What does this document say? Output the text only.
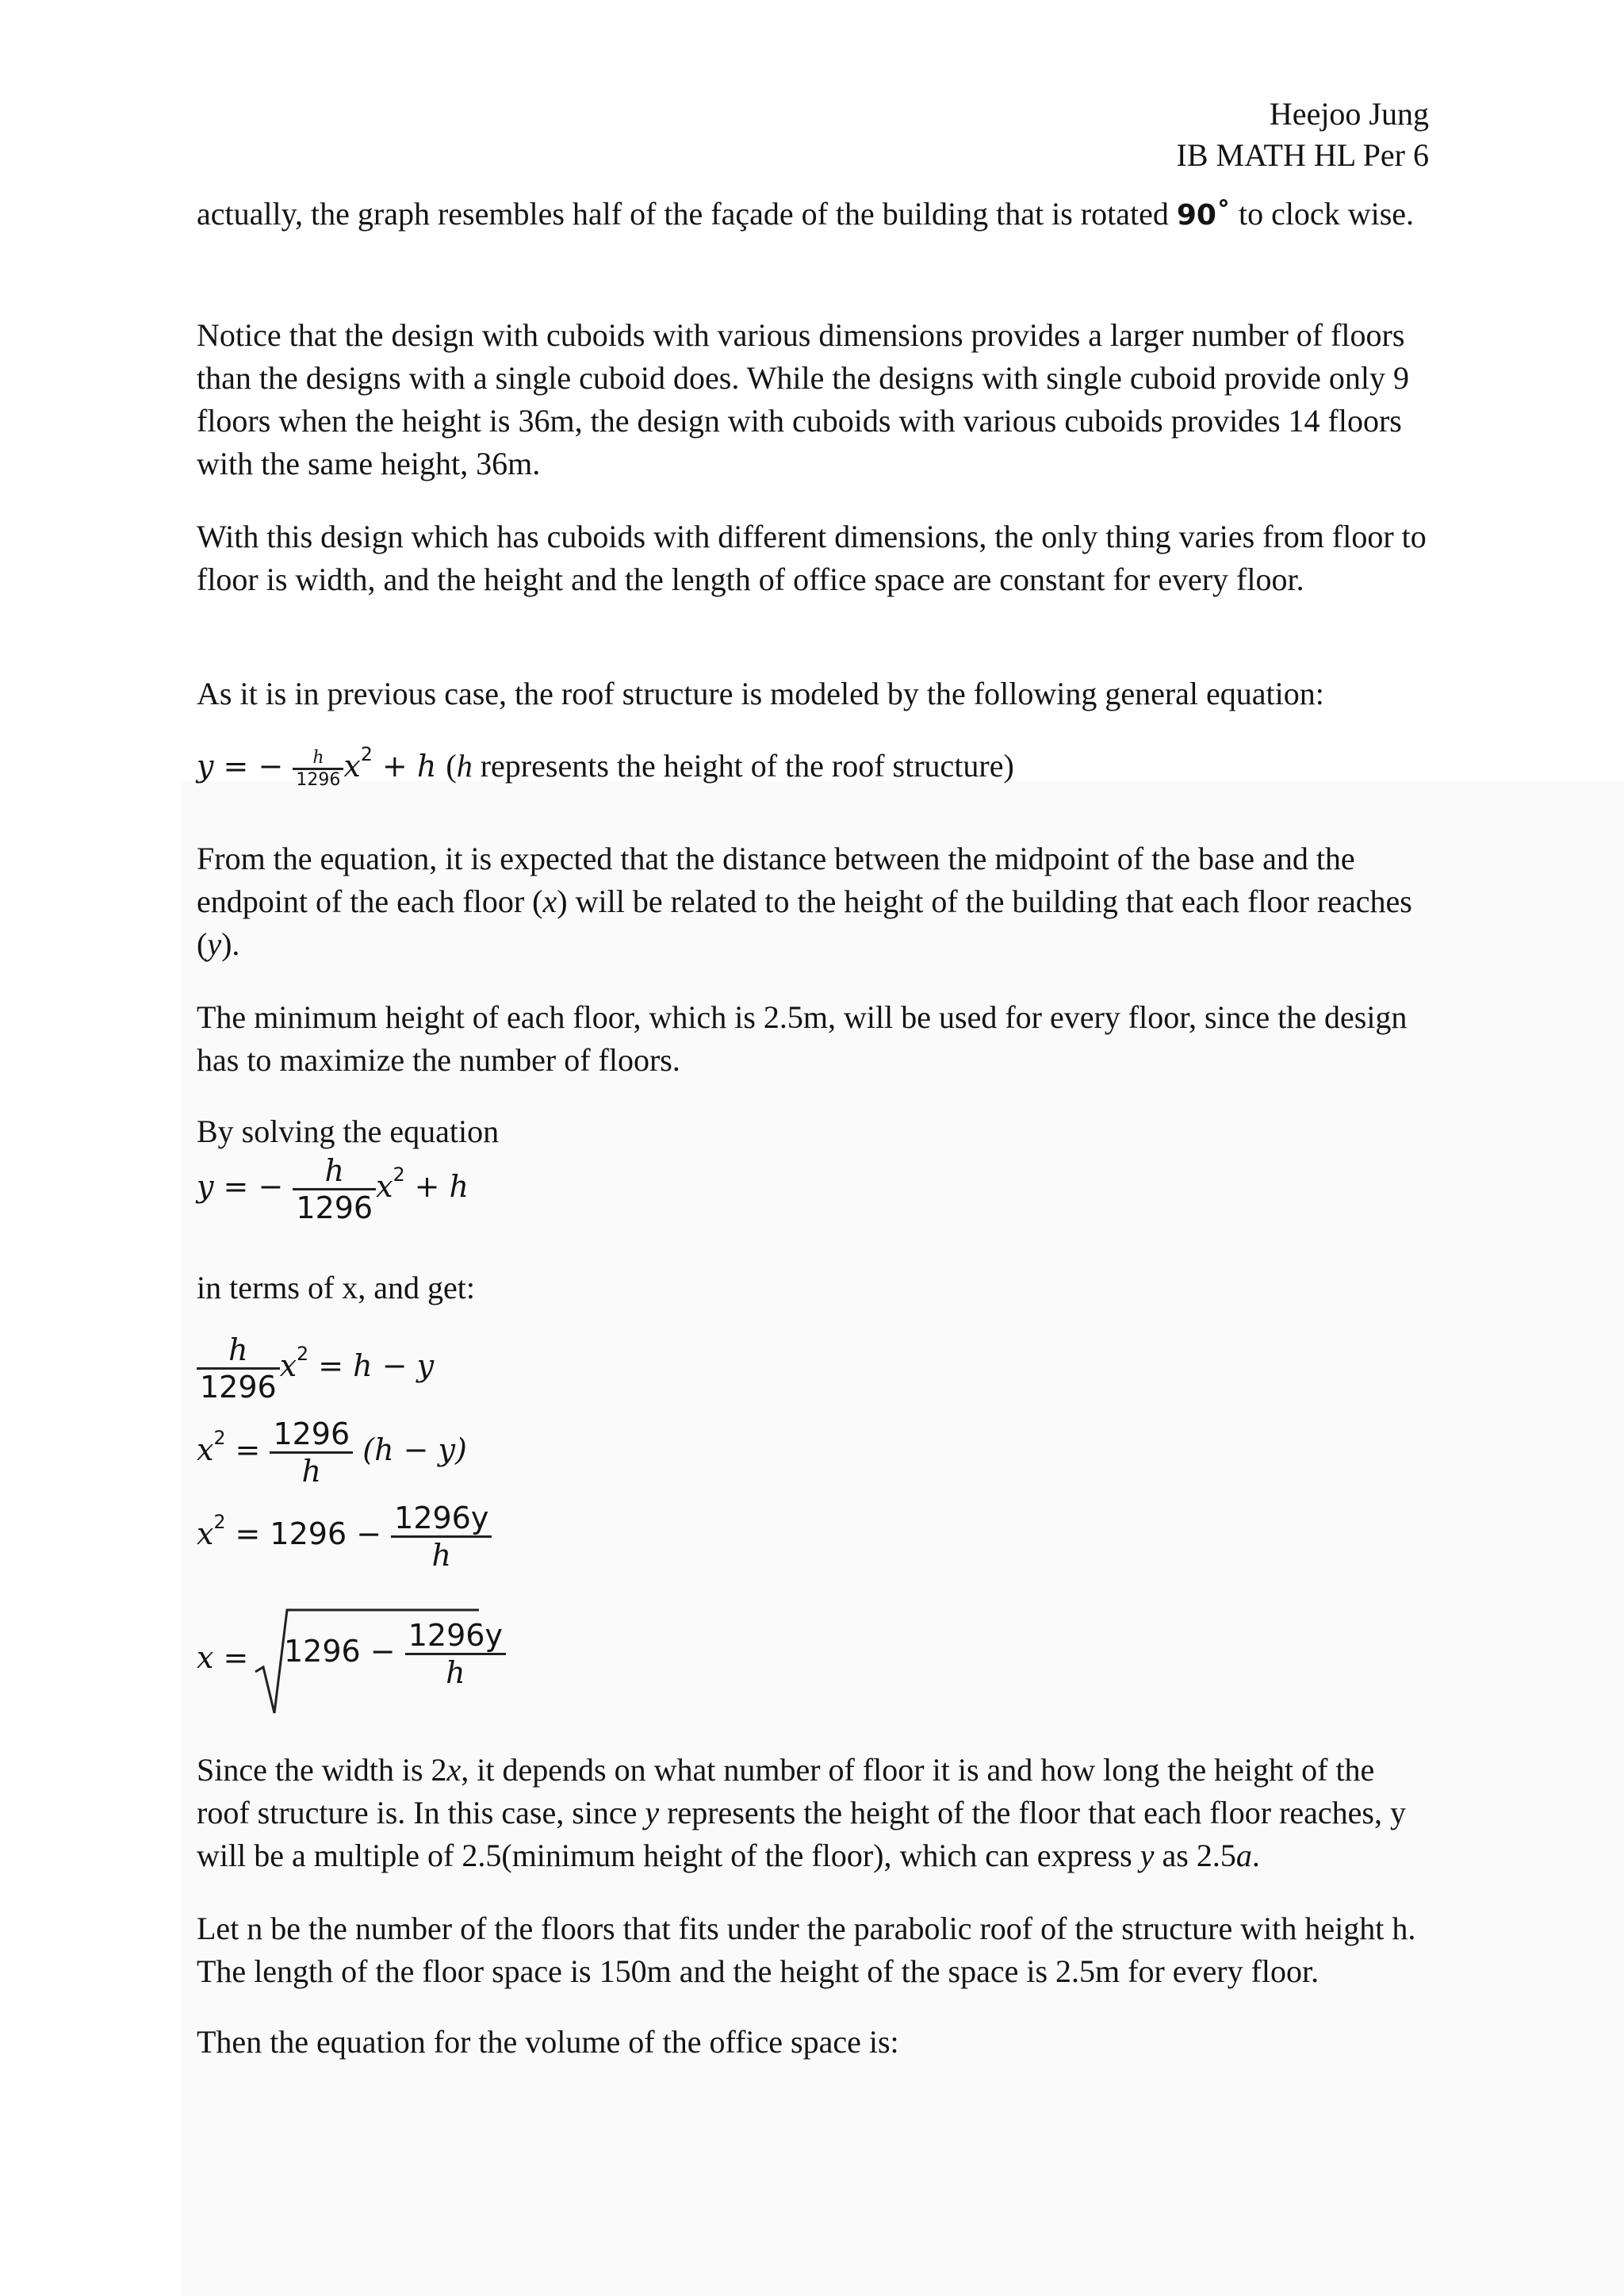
Heejoo Jung
IB MATH HL Per 6

actually, the graph resembles half of the façade of the building that is rotated 90˚ to clock wise.

Notice that the design with cuboids with various dimensions provides a larger number of floors than the designs with a single cuboid does. While the designs with single cuboid provide only 9 floors when the height is 36m, the design with cuboids with various cuboids provides 14 floors with the same height, 36m.

With this design which has cuboids with different dimensions, the only thing varies from floor to floor is width, and the height and the length of office space are constant for every floor.

As it is in previous case, the roof structure is modeled by the following general equation:

y = − $\frac{h}{1296} x^2 + h$ (h represents the height of the roof structure)

From the equation, it is expected that the distance between the midpoint of the base and the endpoint of the each floor (x) will be related to the height of the building that each floor reaches (y).

The minimum height of each floor, which is 2.5m, will be used for every floor, since the design has to maximize the number of floors.

By solving the equation

y = − $\frac{h}{1296} x^2 + h$

in terms of x, and get:

$\frac{h}{1296} x^2 = h - y$
$x^2 = \frac{1296}{h} (h - y)$
$x^2 = 1296 - \frac{1296y}{h}$
$x = 1296 - \frac{1296y}{h}$

Since the width is 2x, it depends on what number of floor it is and how long the height of the roof structure is. In this case, since y represents the height of the floor that each floor reaches, y will be a multiple of 2.5(minimum height of the floor), which can express y as 2.5a.

Let n be the number of the floors that fits under the parabolic roof of the structure with height h. The length of the floor space is 150m and the height of the space is 2.5m for every floor.

Then the equation for the volume of the office space is:
